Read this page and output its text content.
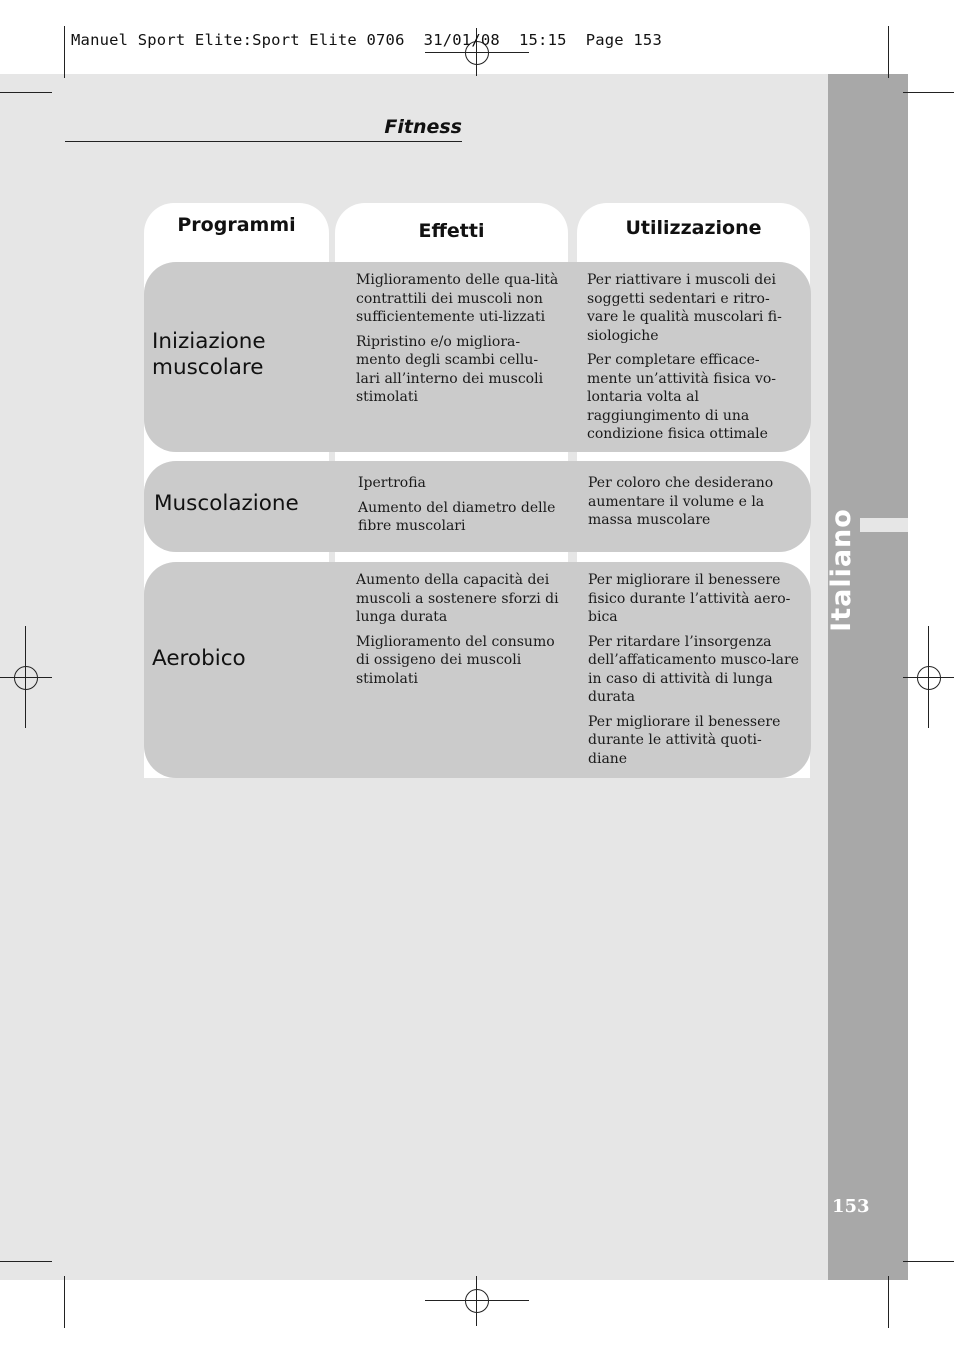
Italiano
153
Manuel Sport Elite:Sport Elite 0706  31/01/08  15:15  Page 153
Fitness
Programmi	Effetti	Utilizzazione
Iniziazione muscolare

Miglioramento delle qua-lità contrattili dei muscoli non sufficientemente uti-lizzati

Ripristino e/o migliora-mento degli scambi cellu-lari all’interno dei muscoli stimolati

Per riattivare i muscoli dei soggetti sedentari e ritro-vare le qualità muscolari fi-siologiche

Per completare efficace-mente un’attività fisica vo-lontaria volta al raggiungimento di una condizione fisica ottimale

Muscolazione

Ipertrofia

Aumento del diametro delle fibre muscolari

Per coloro che desiderano aumentare il volume e la massa muscolare

Aerobico

Aumento della capacità dei muscoli a sostenere sforzi di lunga durata

Miglioramento del consumo di ossigeno dei muscoli stimolati

Per migliorare il benessere fisico durante l’attività aero-bica

Per ritardare l’insorgenza dell’affaticamento musco-lare in caso di attività di lunga durata

Per migliorare il benessere durante le attività quoti-diane
